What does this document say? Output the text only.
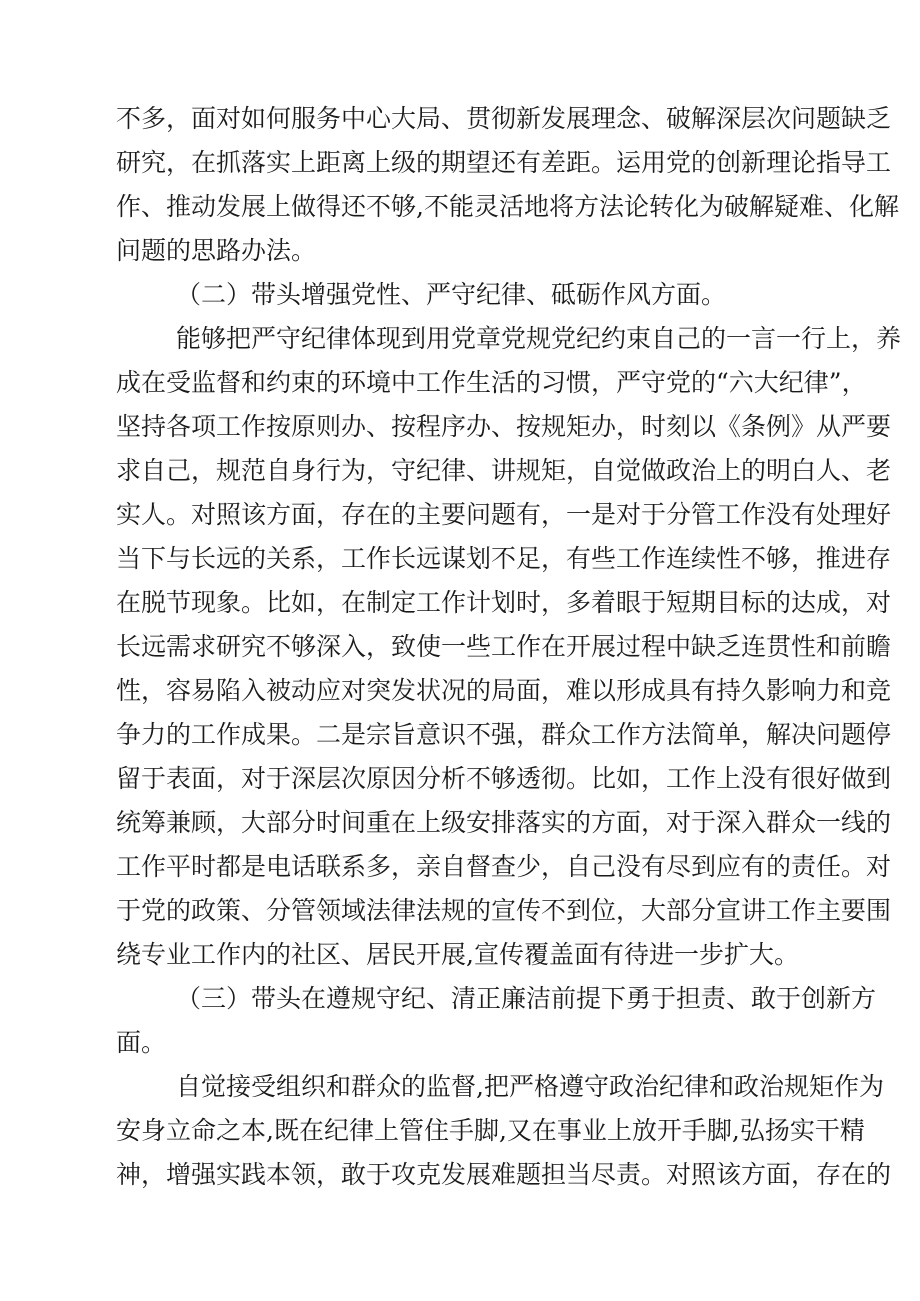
不多，面对如何服务中心大局、贯彻新发展理念、破解深层次问题缺乏
研究，在抓落实上距离上级的期望还有差距。运用党的创新理论指导工
作、推动发展上做得还不够,不能灵活地将方法论转化为破解疑难、化解
问题的思路办法。
（二）带头增强党性、严守纪律、砥砺作风方面。
能够把严守纪律体现到用党章党规党纪约束自己的一言一行上，养
成在受监督和约束的环境中工作生活的习惯，严守党的“六大纪律”，
坚持各项工作按原则办、按程序办、按规矩办，时刻以《条例》从严要
求自己，规范自身行为，守纪律、讲规矩，自觉做政治上的明白人、老
实人。对照该方面，存在的主要问题有，一是对于分管工作没有处理好
当下与长远的关系，工作长远谋划不足，有些工作连续性不够，推进存
在脱节现象。比如，在制定工作计划时，多着眼于短期目标的达成，对
长远需求研究不够深入，致使一些工作在开展过程中缺乏连贯性和前瞻
性，容易陷入被动应对突发状况的局面，难以形成具有持久影响力和竞
争力的工作成果。二是宗旨意识不强，群众工作方法简单，解决问题停
留于表面，对于深层次原因分析不够透彻。比如，工作上没有很好做到
统筹兼顾，大部分时间重在上级安排落实的方面，对于深入群众一线的
工作平时都是电话联系多，亲自督查少，自己没有尽到应有的责任。对
于党的政策、分管领域法律法规的宣传不到位，大部分宣讲工作主要围
绕专业工作内的社区、居民开展,宣传覆盖面有待进一步扩大。
（三）带头在遵规守纪、清正廉洁前提下勇于担责、敢于创新方
面。
自觉接受组织和群众的监督,把严格遵守政治纪律和政治规矩作为
安身立命之本,既在纪律上管住手脚,又在事业上放开手脚,弘扬实干精
神，增强实践本领，敢于攻克发展难题担当尽责。对照该方面，存在的
